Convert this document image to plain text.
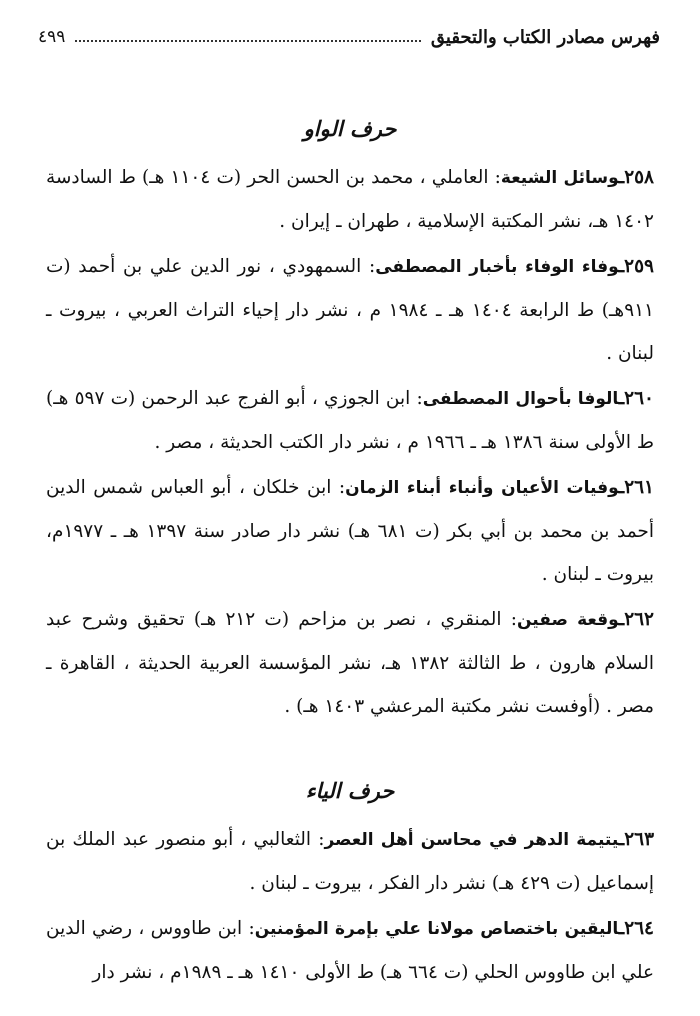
فهرس مصادر الكتاب والتحقيق
٤٩٩
حرف الواو

٢٥٨ـوسائل الشيعة: العاملي ، محمد بن الحسن الحر (ت ١١٠٤ هـ) ط السادسة ١٤٠٢ هـ، نشر المكتبة الإسلامية ، طهران ـ إيران .

٢٥٩ـوفاء الوفاء بأخبار المصطفى: السمهودي ، نور الدين علي بن أحمد (ت ٩١١هـ) ط الرابعة ١٤٠٤ هـ ـ ١٩٨٤ م ، نشر دار إحياء التراث العربي ، بيروت ـ لبنان .

٢٦٠ـالوفا بأحوال المصطفى: ابن الجوزي ، أبو الفرج عبد الرحمن (ت ٥٩٧ هـ) ط الأولى سنة ١٣٨٦ هـ ـ ١٩٦٦ م ، نشر دار الكتب الحديثة ، مصر .

٢٦١ـوفيات الأعيان وأنباء أبناء الزمان: ابن خلكان ، أبو العباس شمس الدين أحمد بن محمد بن أبي بكر (ت ٦٨١ هـ) نشر دار صادر سنة ١٣٩٧ هـ ـ ١٩٧٧م، بيروت ـ لبنان .

٢٦٢ـوقعة صفين: المنقري ، نصر بن مزاحم (ت ٢١٢ هـ) تحقيق وشرح عبد السلام هارون ، ط الثالثة ١٣٨٢ هـ، نشر المؤسسة العربية الحديثة ، القاهرة ـ مصر . (أوفست نشر مكتبة المرعشي ١٤٠٣ هـ) .

حرف الياء

٢٦٣ـيتيمة الدهر في محاسن أهل العصر: الثعالبي ، أبو منصور عبد الملك بن إسماعيل (ت ٤٢٩ هـ) نشر دار الفكر ، بيروت ـ لبنان .

٢٦٤ـاليقين باختصاص مولانا علي بإمرة المؤمنين: ابن طاووس ، رضي الدين علي ابن طاووس الحلي (ت ٦٦٤ هـ) ط الأولى ١٤١٠ هـ ـ ١٩٨٩م ، نشر دار
